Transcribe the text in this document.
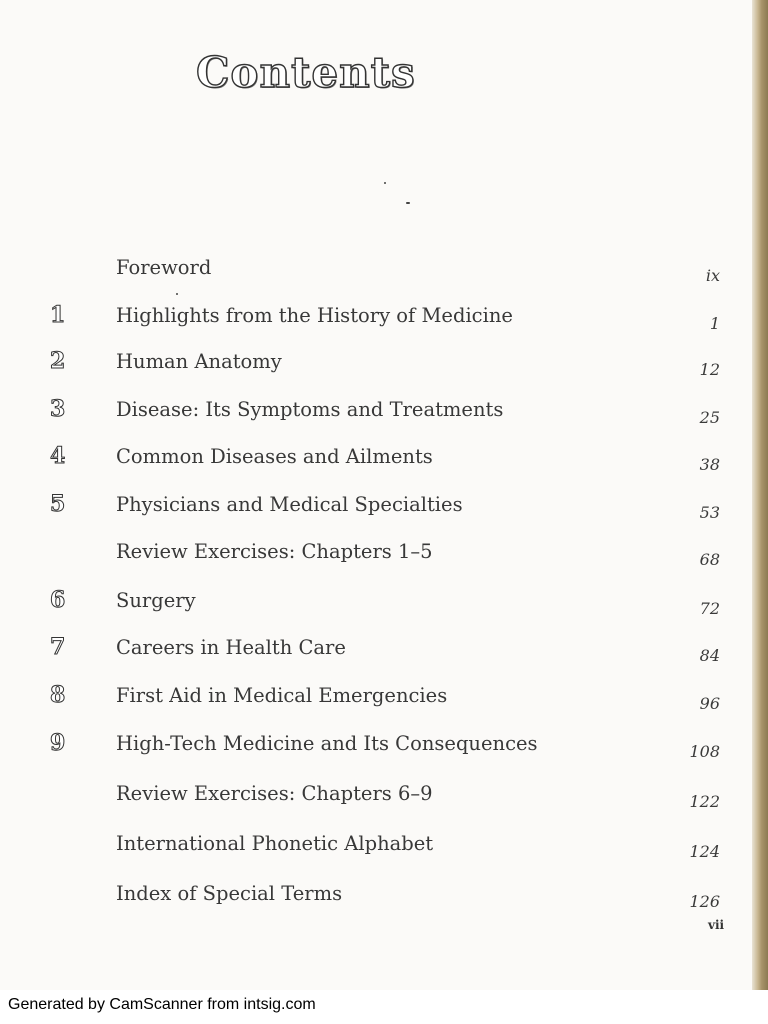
Contents
Foreword	ix
1	Highlights from the History of Medicine	1
2	Human Anatomy	12
3	Disease: Its Symptoms and Treatments	25
4	Common Diseases and Ailments	38
5	Physicians and Medical Specialties	53
Review Exercises: Chapters 1–5	68
6	Surgery	72
7	Careers in Health Care	84
8	First Aid in Medical Emergencies	96
9	High-Tech Medicine and Its Consequences	108
Review Exercises: Chapters 6–9	122
International Phonetic Alphabet	124
Index of Special Terms	126
vii
Generated by CamScanner from intsig.com
